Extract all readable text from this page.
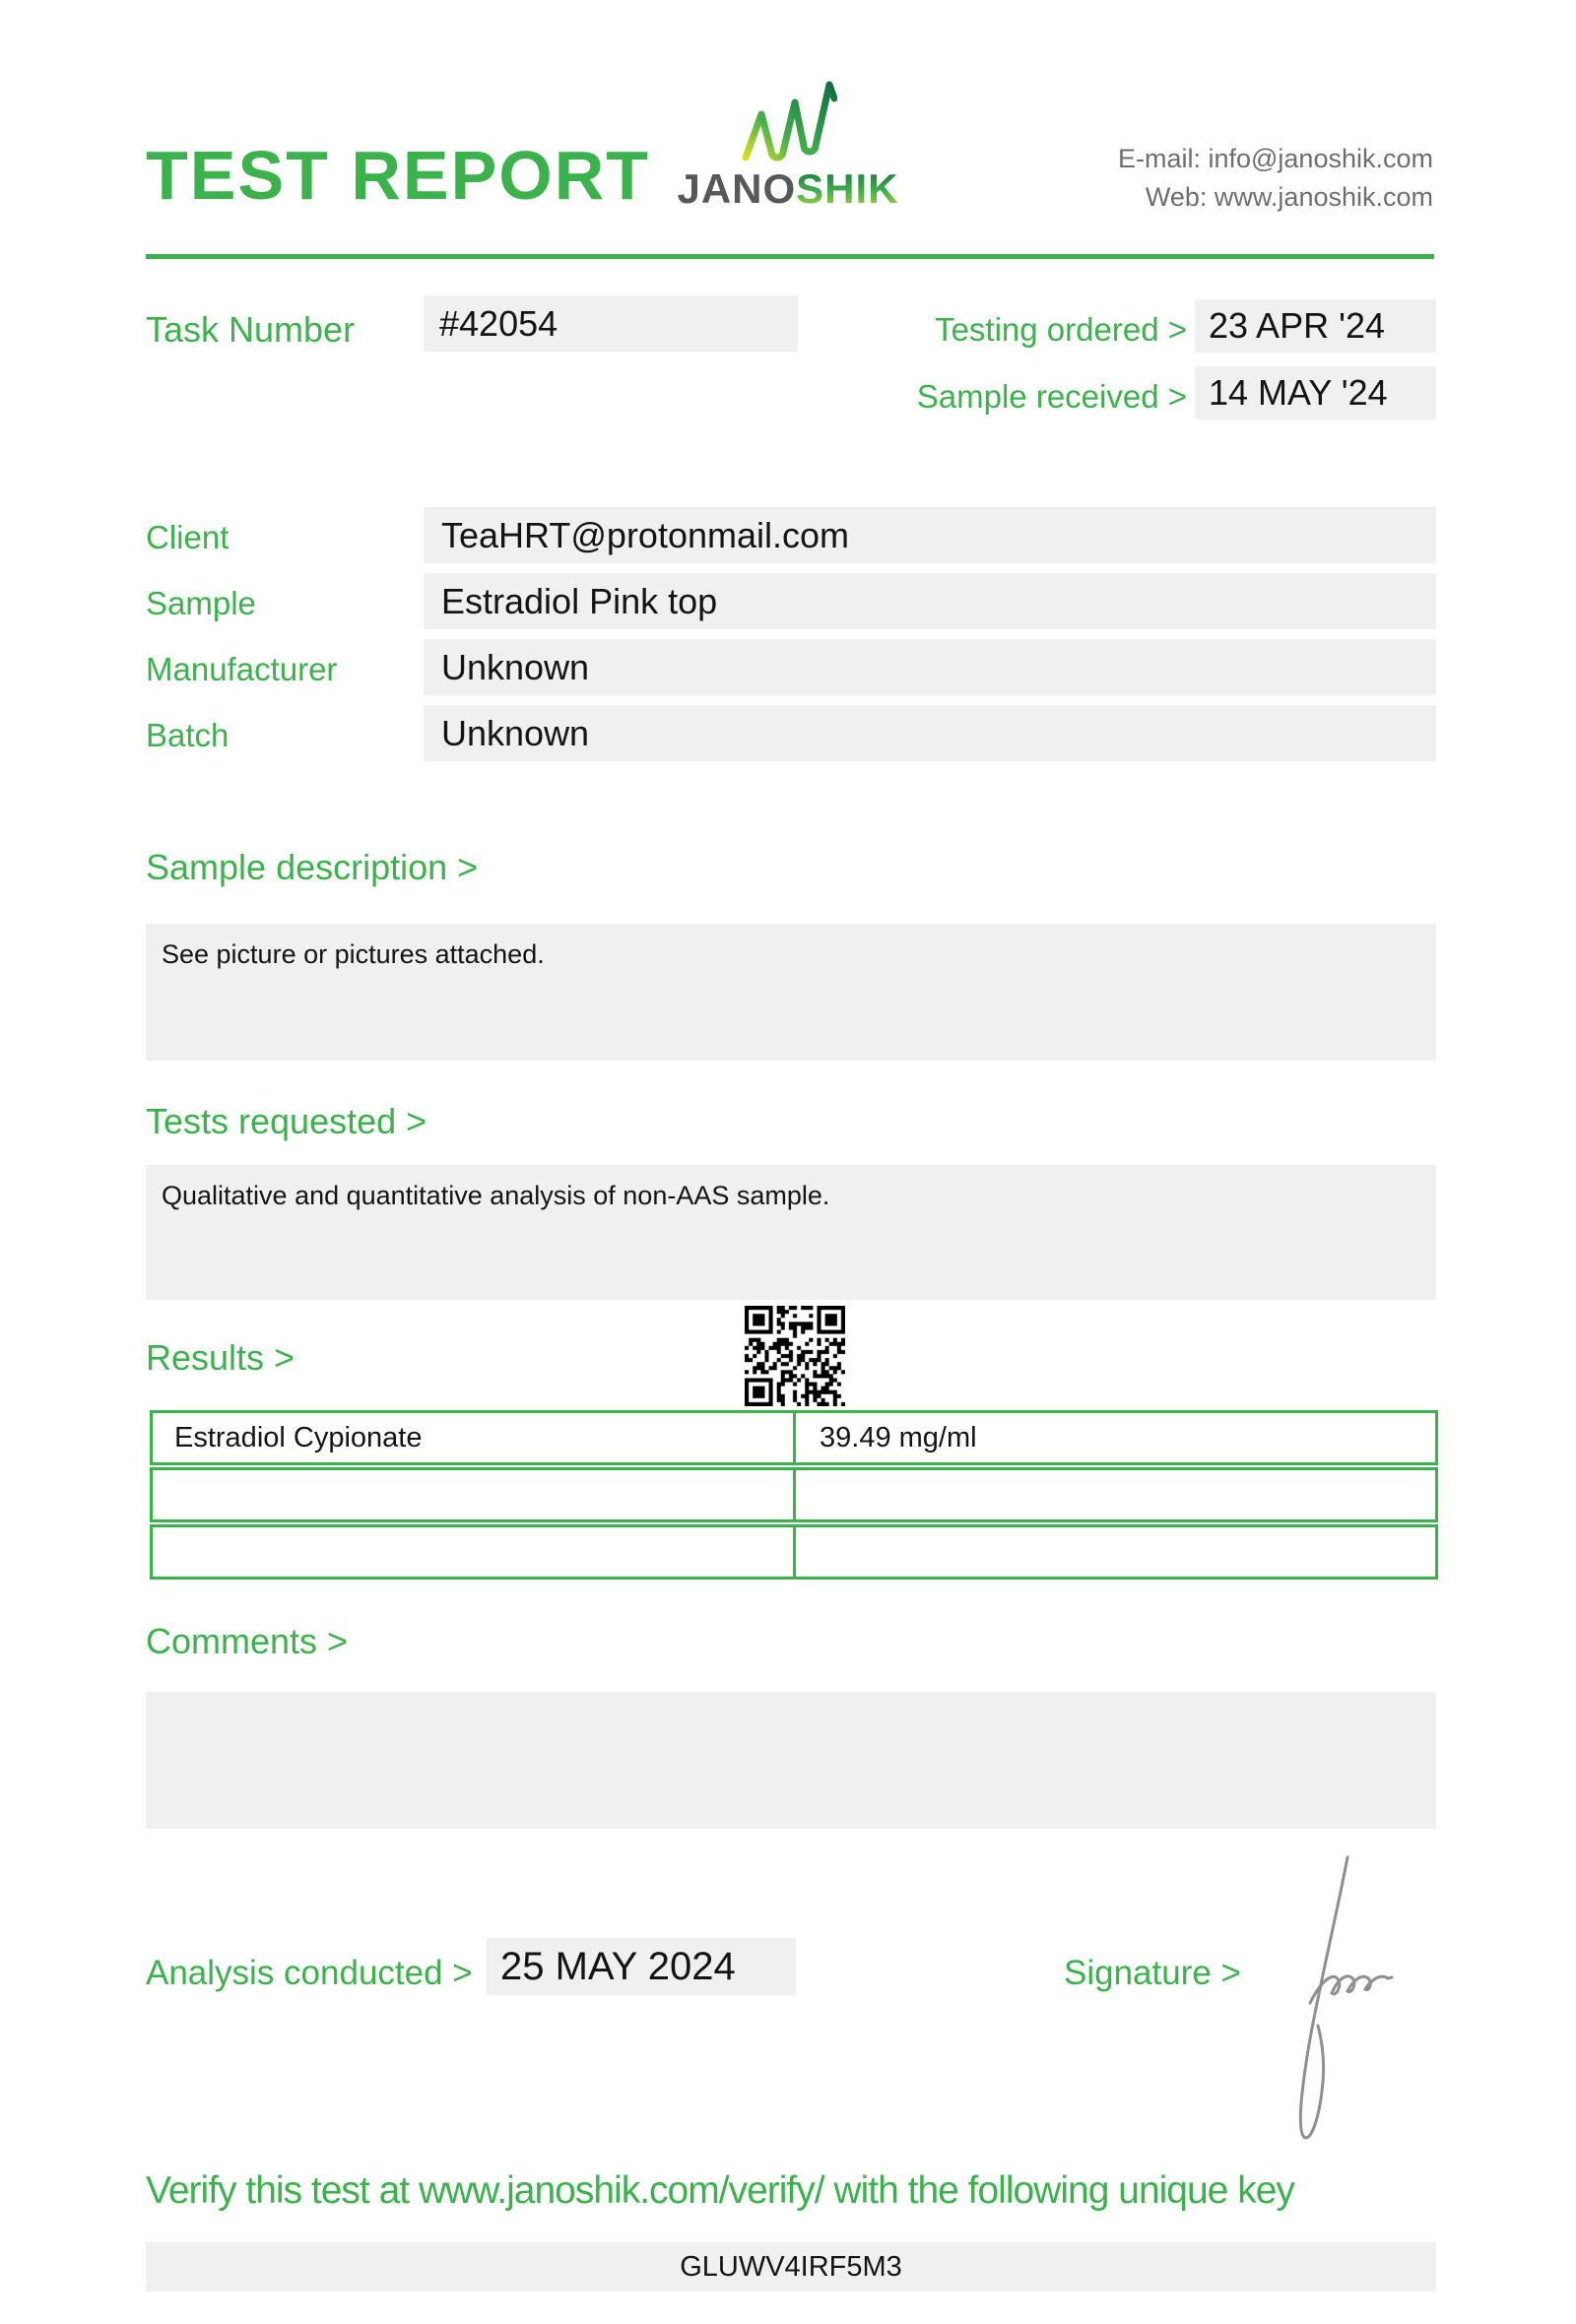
TEST REPORT JANOSHIK
E-mail: info@janoshik.com
Web: www.janoshik.com
Task Number	#42054	Testing ordered > 23 APR '24
Sample received > 14 MAY '24
Client	TeaHRT@protonmail.com
Sample	Estradiol Pink top
Manufacturer	Unknown
Batch	Unknown
Sample description >
See picture or pictures attached.
Tests requested >
Qualitative and quantitative analysis of non-AAS sample.
Results >
Estradiol Cypionate	39.49 mg/ml
Comments >
Analysis conducted > 25 MAY 2024	Signature >
Verify this test at www.janoshik.com/verify/ with the following unique key
GLUWV4IRF5M3
